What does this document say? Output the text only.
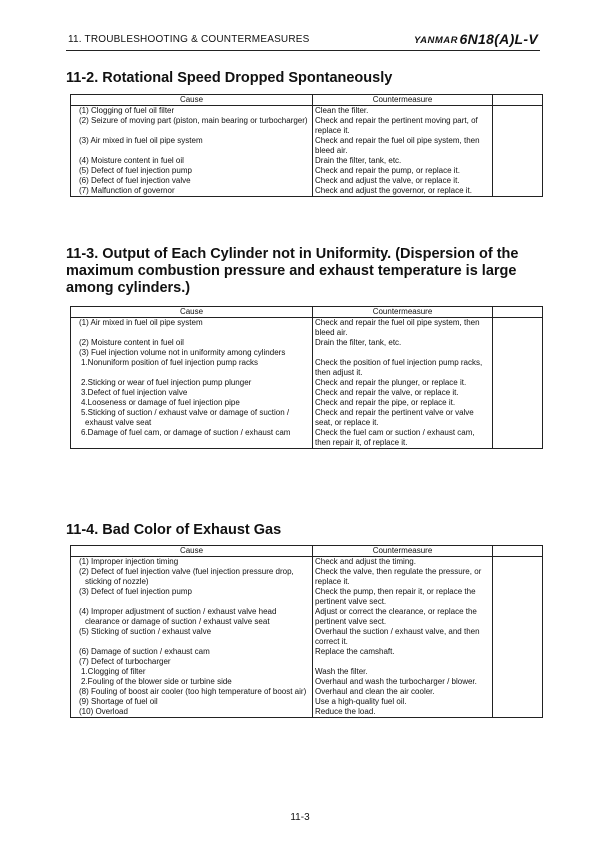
11. TROUBLESHOOTING & COUNTERMEASURES	YANMAR 6N18(A)L-V
11-2. Rotational Speed Dropped Spontaneously
Cause	Countermeasure	
(1) Clogging of fuel oil filter	Clean the filter.	
(2) Seizure of moving part (piston, main bearing or turbocharger)	Check and repair the pertinent moving part, of replace it.	
(3) Air mixed in fuel oil pipe system	Check and repair the fuel oil pipe system, then bleed air.	
(4) Moisture content in fuel oil	Drain the filter, tank, etc.	
(5) Defect of fuel injection pump	Check and repair the pump, or replace it.	
(6) Defect of fuel injection valve	Check and adjust the valve, or replace it.	
(7) Malfunction of governor	Check and adjust the governor, or replace it.	
11-3. Output of Each Cylinder not in Uniformity. (Dispersion of the maximum combustion pressure and exhaust temperature is large among cylinders.)
Cause	Countermeasure	
(1) Air mixed in fuel oil pipe system	Check and repair the fuel oil pipe system, then bleed air.	
(2) Moisture content in fuel oil	Drain the filter, tank, etc.	
(3) Fuel injection volume not in uniformity among cylinders		
1.Nonuniform position of fuel injection pump racks	Check the position of fuel injection pump racks, then adjust it.	
2.Sticking or wear of fuel injection pump plunger	Check and repair the plunger, or replace it.	
3.Defect of fuel injection valve	Check and repair the valve, or replace it.	
4.Looseness or damage of fuel injection pipe	Check and repair the pipe, or replace it.	
5.Sticking of suction / exhaust valve or damage of suction / exhaust valve seat	Check and repair the pertinent valve or valve seat, or replace it.	
6.Damage of fuel cam, or damage of suction / exhaust cam	Check the fuel cam or suction / exhaust cam, then repair it, of replace it.	
11-4. Bad Color of Exhaust Gas
Cause	Countermeasure	
(1) Improper injection timing	Check and adjust the timing.	
(2) Defect of fuel injection valve (fuel injection pressure drop, sticking of nozzle)	Check the valve, then regulate the pressure, or replace it.	
(3) Defect of fuel injection pump	Check the pump, then repair it, or replace the pertinent valve sect.	
(4) Improper adjustment of suction / exhaust valve head clearance or damage of suction / exhaust valve seat	Adjust or correct the clearance, or replace the pertinent valve sect.	
(5) Sticking of suction / exhaust valve	Overhaul the suction / exhaust valve, and then correct it.	
(6) Damage of suction / exhaust cam	Replace the camshaft.	
(7) Defect of turbocharger		
1.Clogging of filter	Wash the filter.	
2.Fouling of the blower side or turbine side	Overhaul and wash the turbocharger / blower.	
(8) Fouling of boost air cooler (too high temperature of boost air)	Overhaul and clean the air cooler.	
(9) Shortage of fuel oil	Use a high-quality fuel oil.	
(10) Overload	Reduce the load.	
11-3
